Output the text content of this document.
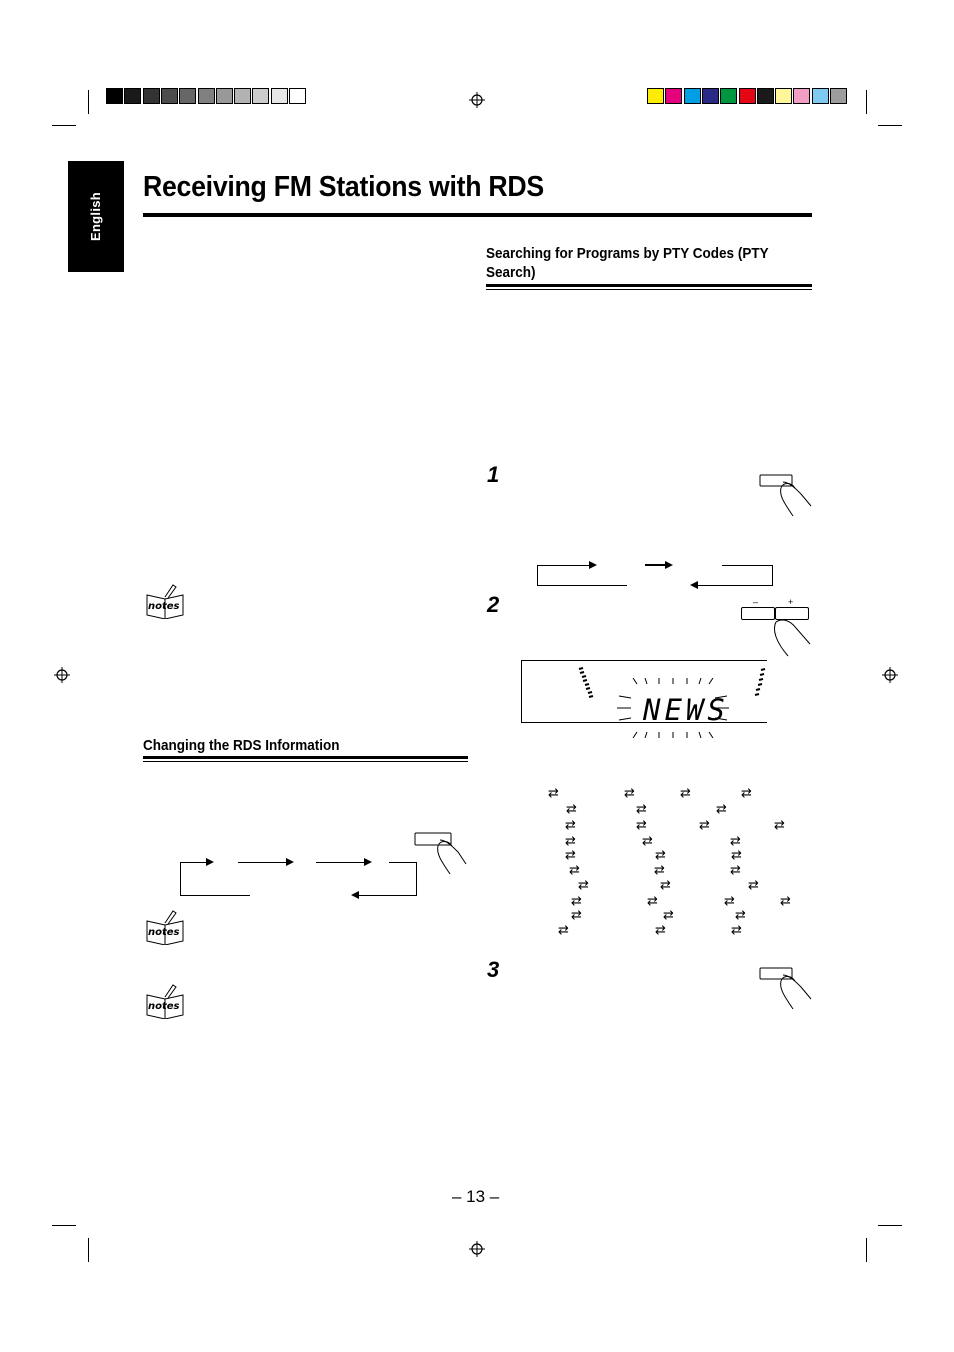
English
Receiving FM Stations with RDS
Searching for Programs by PTY Codes (PTY Search)
1
2	–	+
NEWS
⇄	⇄	⇄	⇄
⇄	⇄	⇄
⇄	⇄	⇄	⇄
⇄	⇄	⇄
⇄	⇄	⇄
⇄	⇄	⇄
⇄	⇄	⇄
⇄	⇄	⇄	⇄
⇄	⇄	⇄
⇄	⇄	⇄
3
notes
notes
notes
Changing the RDS Information
– 13 –
